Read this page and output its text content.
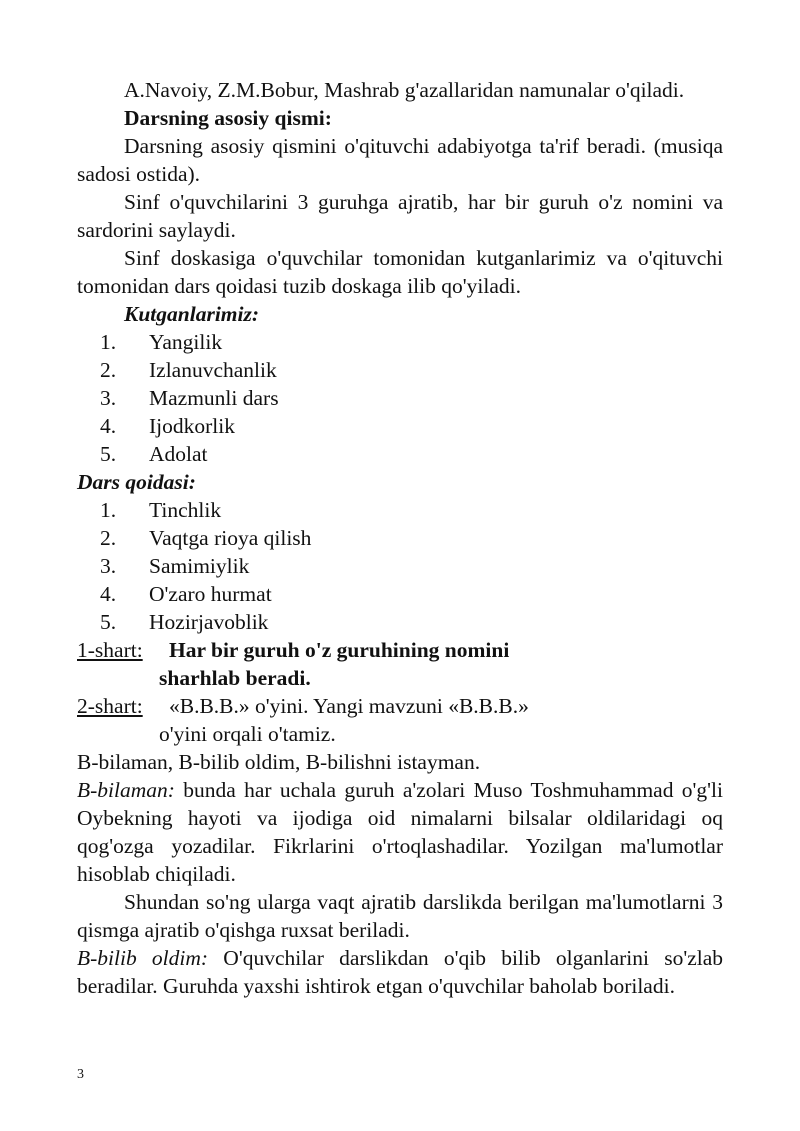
A.Navoiy, Z.M.Bobur, Mashrab g'azallaridan namunalar o'qiladi.

Darsning asosiy qismi:

Darsning asosiy qismini o'qituvchi adabiyotga ta'rif beradi. (musiqa sadosi ostida).

Sinf o'quvchilarini 3 guruhga ajratib, har bir guruh o'z nomini va sardorini saylaydi.

Sinf doskasiga o'quvchilar tomonidan kutganlarimiz va o'qituvchi tomonidan dars qoidasi tuzib doskaga ilib qo'yiladi.

Kutganlarimiz:

1.	Yangilik
2.	Izlanuvchanlik
3.	Mazmunli dars
4.	Ijodkorlik
5.	Adolat

Dars qoidasi:

1.	Tinchlik
2.	Vaqtga rioya qilish
3.	Samimiylik
4.	O'zaro hurmat
5.	Hozirjavoblik
1-shart:	Har bir guruh o'z guruhining nomini
sharhlab beradi.
2-shart:	«B.B.B.» o'yini. Yangi mavzuni «B.B.B.»
o'yini orqali o'tamiz.

B-bilaman, B-bilib oldim, B-bilishni istayman.

B-bilaman: bunda har uchala guruh a'zolari Muso Toshmuhammad o'g'li Oybekning hayoti va ijodiga oid nimalarni bilsalar oldilaridagi oq qog'ozga yozadilar. Fikrlarini o'rtoqlashadilar. Yozilgan ma'lumotlar hisoblab chiqiladi.

Shundan so'ng ularga vaqt ajratib darslikda berilgan ma'lumotlarni 3 qismga ajratib o'qishga ruxsat beriladi.

B-bilib oldim: O'quvchilar darslikdan o'qib bilib olganlarini so'zlab beradilar. Guruhda yaxshi ishtirok etgan o'quvchilar baholab boriladi.

3
